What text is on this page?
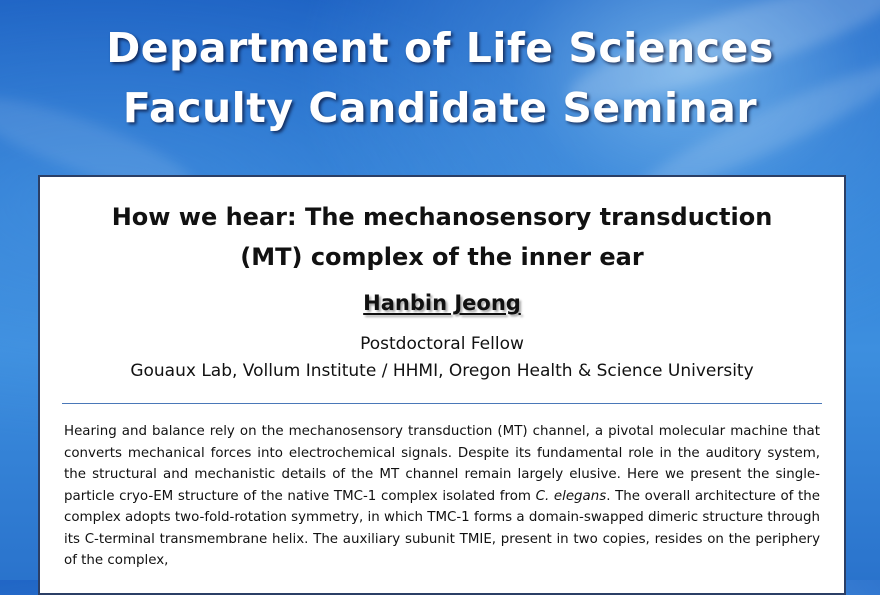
Department of Life Sciences
Faculty Candidate Seminar
How we hear: The mechanosensory transduction
(MT) complex of the inner ear
Hanbin Jeong
Postdoctoral Fellow
Gouaux Lab, Vollum Institute / HHMI, Oregon Health & Science University

Hearing and balance rely on the mechanosensory transduction (MT) channel, a pivotal molecular machine that converts mechanical forces into electrochemical signals. Despite its fundamental role in the auditory system, the structural and mechanistic details of the MT channel remain largely elusive. Here we present the single-particle cryo-EM structure of the native TMC-1 complex isolated from C. elegans. The overall architecture of the complex adopts two-fold-rotation symmetry, in which TMC-1 forms a domain-swapped dimeric structure through its C-terminal transmembrane helix. The auxiliary subunit TMIE, present in two copies, resides on the periphery of the complex,
